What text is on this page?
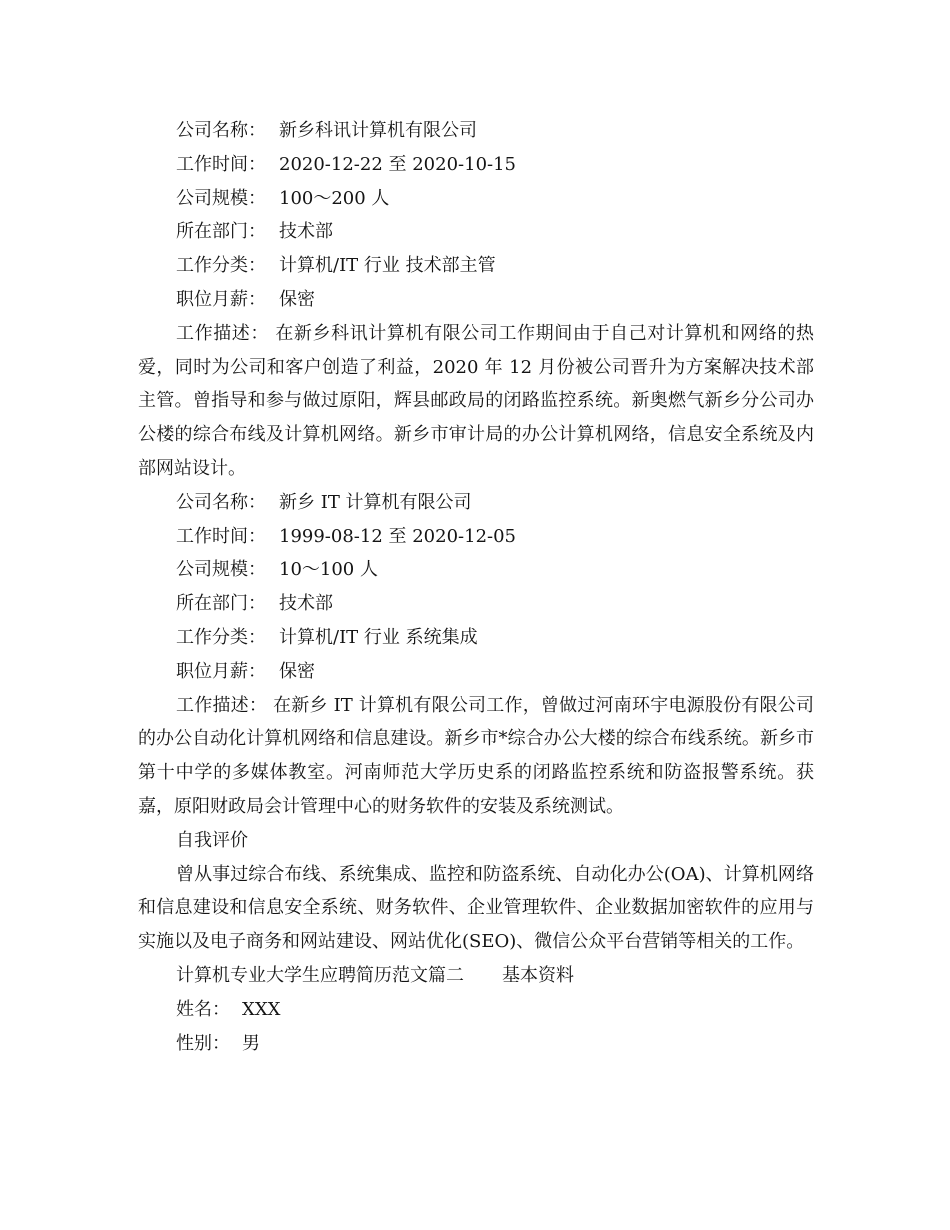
公司名称： 新乡科讯计算机有限公司
工作时间： 2020-12-22 至 2020-10-15
公司规模： 100～200 人
所在部门： 技术部
工作分类： 计算机/IT 行业 技术部主管
职位月薪： 保密

工作描述： 在新乡科讯计算机有限公司工作期间由于自己对计算机和网络的热爱，同时为公司和客户创造了利益，2020 年 12 月份被公司晋升为方案解决技术部主管。曾指导和参与做过原阳，辉县邮政局的闭路监控系统。新奥燃气新乡分公司办公楼的综合布线及计算机网络。新乡市审计局的办公计算机网络，信息安全系统及内部网站设计。

公司名称： 新乡 IT 计算机有限公司
工作时间： 1999-08-12 至 2020-12-05
公司规模： 10～100 人
所在部门： 技术部
工作分类： 计算机/IT 行业 系统集成
职位月薪： 保密

工作描述： 在新乡 IT 计算机有限公司工作，曾做过河南环宇电源股份有限公司的办公自动化计算机网络和信息建设。新乡市*综合办公大楼的综合布线系统。新乡市第十中学的多媒体教室。河南师范大学历史系的闭路监控系统和防盗报警系统。获嘉，原阳财政局会计管理中心的财务软件的安装及系统测试。

自我评价

曾从事过综合布线、系统集成、监控和防盗系统、自动化办公(OA)、计算机网络和信息建设和信息安全系统、财务软件、企业管理软件、企业数据加密软件的应用与实施以及电子商务和网站建设、网站优化(SEO)、微信公众平台营销等相关的工作。

计算机专业大学生应聘简历范文篇二 基本资料
姓名： XXX
性别： 男
